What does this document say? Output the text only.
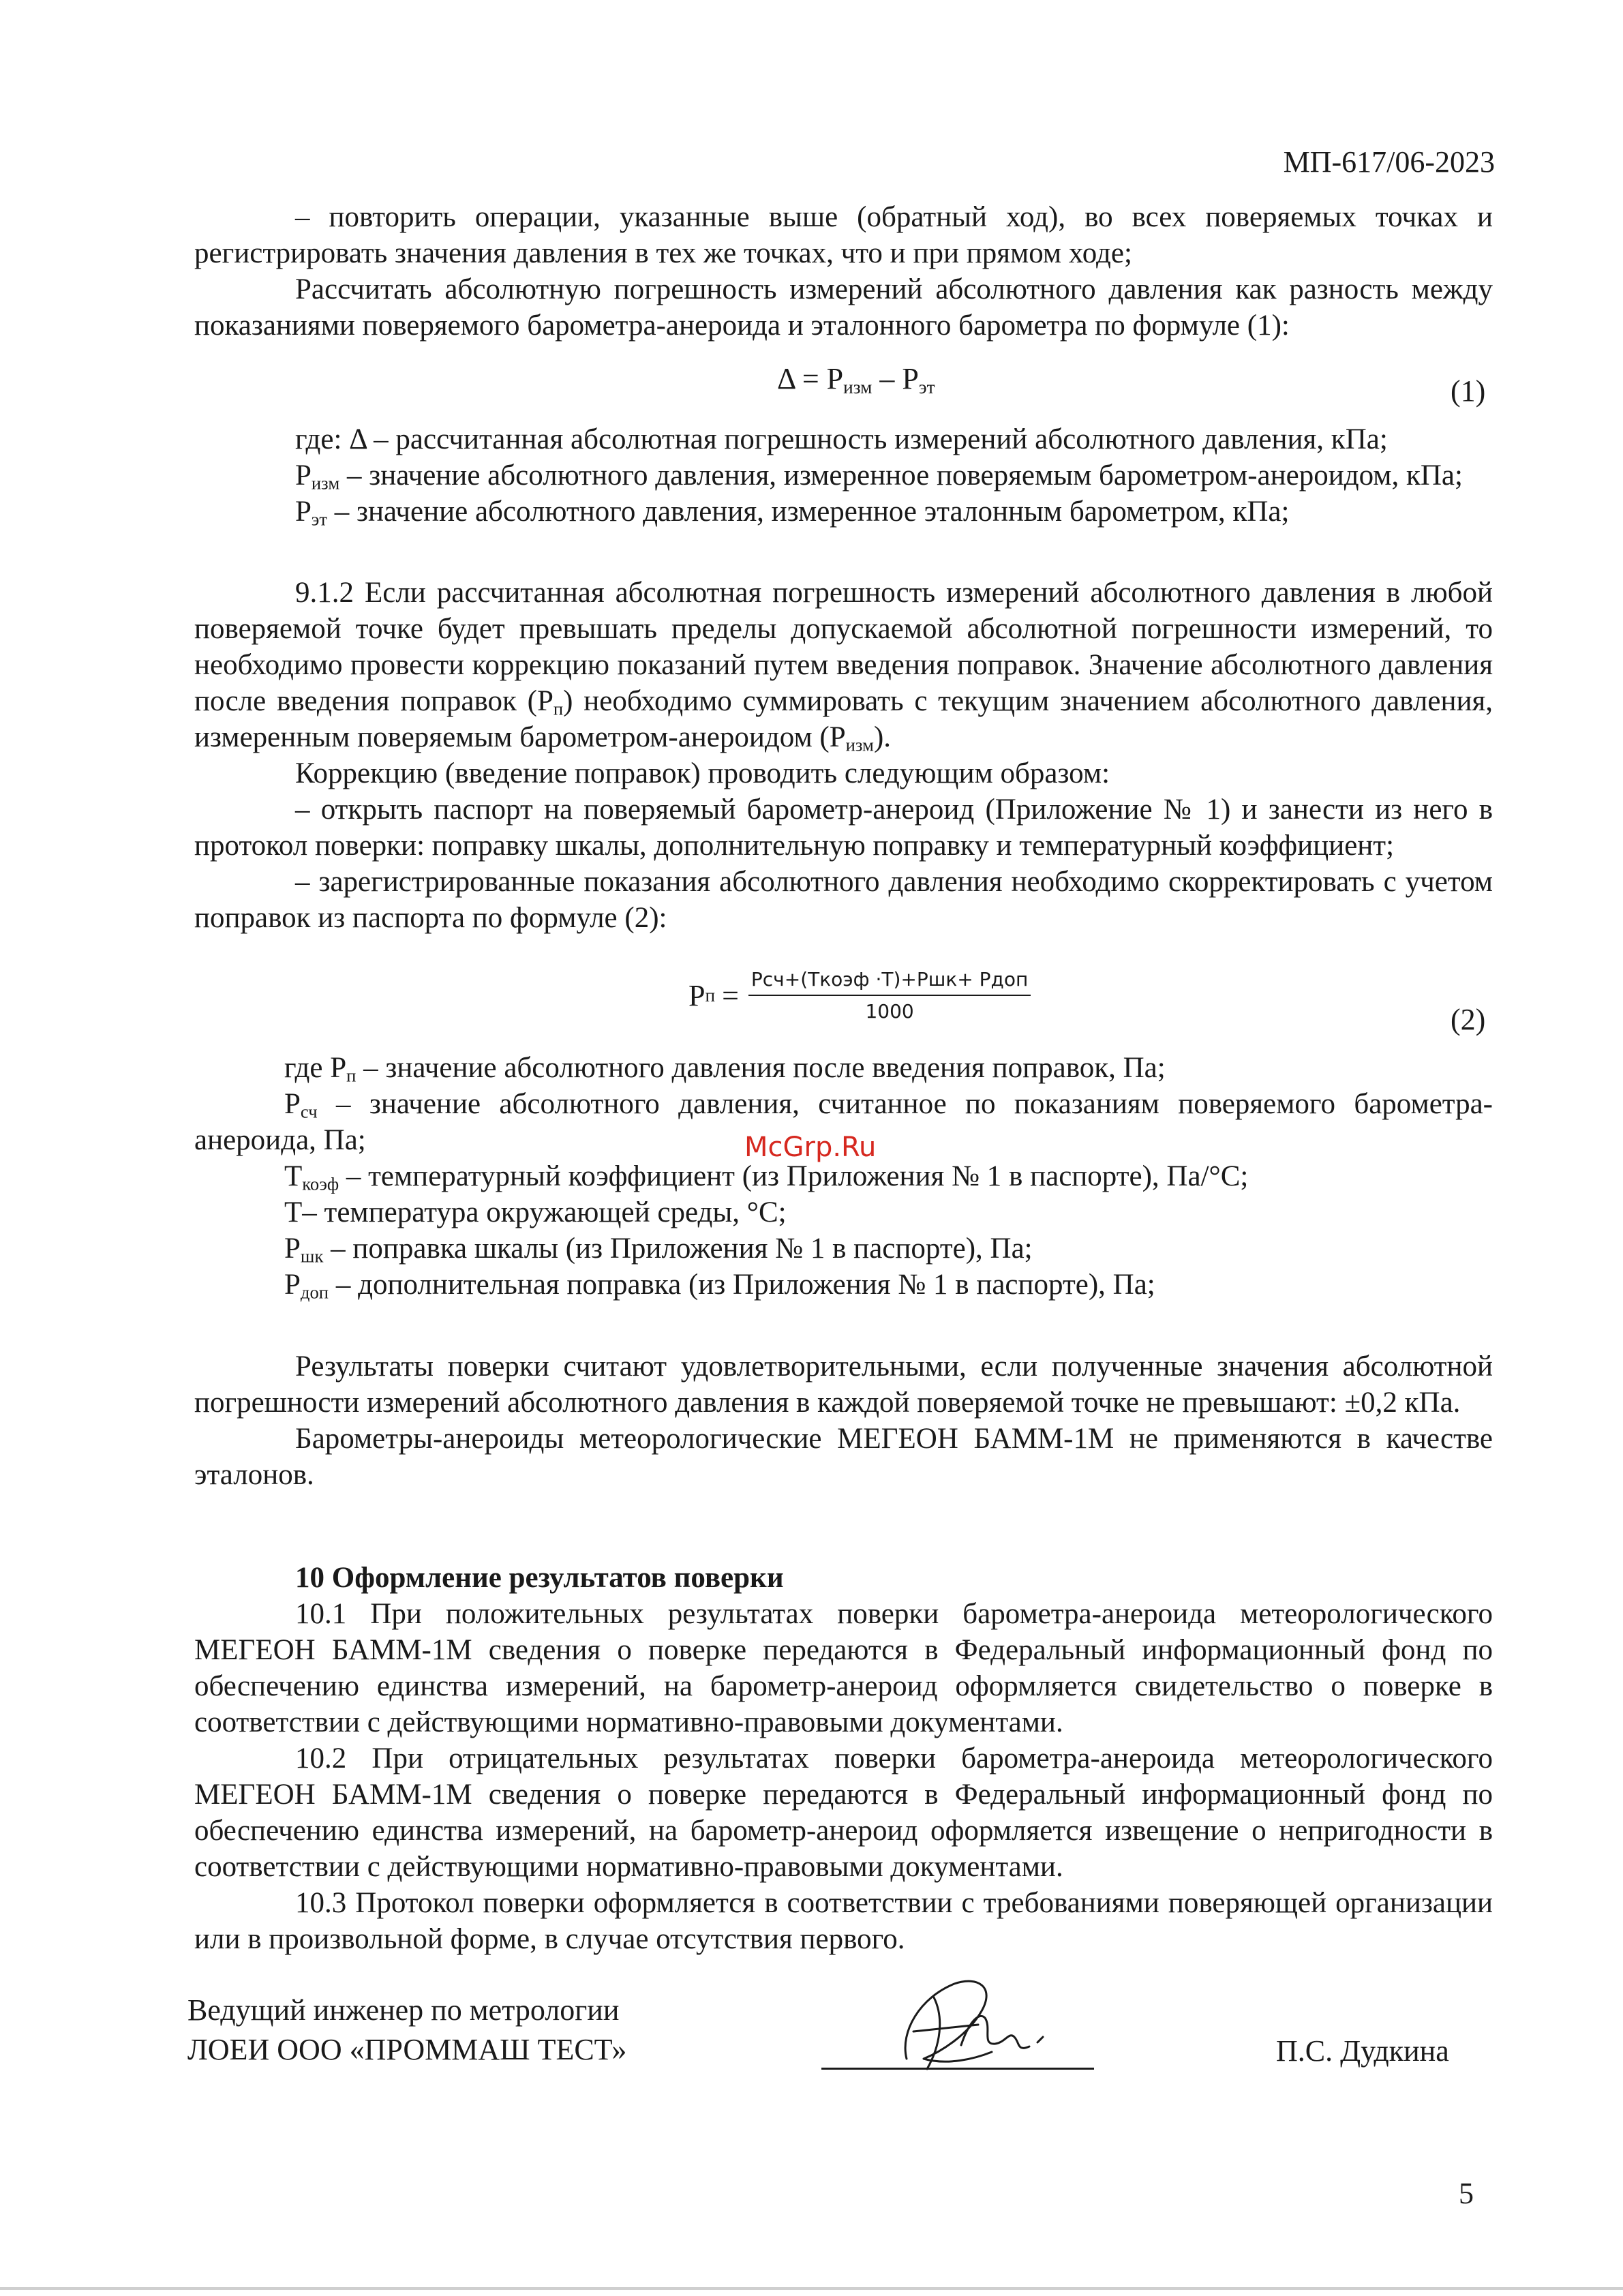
МП-617/06-2023

– повторить операции, указанные выше (обратный ход), во всех поверяемых точках и регистрировать значения давления в тех же точках, что и при прямом ходе;

Рассчитать абсолютную погрешность измерений абсолютного давления как разность между показаниями поверяемого барометра-анероида и эталонного барометра по формуле (1):

$\Delta = P_{изм} - P_{эт}$	(1)

где: Δ – рассчитанная абсолютная погрешность измерений абсолютного давления, кПа;

$P_{изм}$ – значение абсолютного давления, измеренное поверяемым барометром-анероидом, кПа;

$P_{эт}$ – значение абсолютного давления, измеренное эталонным барометром, кПа;

9.1.2 Если рассчитанная абсолютная погрешность измерений абсолютного давления в любой поверяемой точке будет превышать пределы допускаемой абсолютной погрешности измерений, то необходимо провести коррекцию показаний путем введения поправок. Значение абсолютного давления после введения поправок $(P_п)$ необходимо суммировать с текущим значением абсолютного давления, измеренным поверяемым барометром-анероидом $(P_{изм})$.

Коррекцию (введение поправок) проводить следующим образом:

– открыть паспорт на поверяемый барометр-анероид (Приложение № 1) и занести из него в протокол поверки: поправку шкалы, дополнительную поправку и температурный коэффициент;

– зарегистрированные показания абсолютного давления необходимо скорректировать с учетом поправок из паспорта по формуле (2):

P $п = \frac{\text{Pсч+(Tкоэф ·T)+Pшк+ Pдоп}}{1000}$	(2)

где $P_п$ – значение абсолютного давления после введения поправок, Па;

$P_{сч}$ – значение абсолютного давления, считанное по показаниям поверяемого барометра-анероида, Па;

$T_{коэф}$ – температурный коэффициент (из Приложения № 1 в паспорте), Па/°С;

T– температура окружающей среды, °С;

$P_{шк}$ – поправка шкалы (из Приложения № 1 в паспорте), Па;

$P_{доп}$ – дополнительная поправка (из Приложения № 1 в паспорте), Па;

McGrp.Ru

Результаты поверки считают удовлетворительными, если полученные значения абсолютной погрешности измерений абсолютного давления в каждой поверяемой точке не превышают: ±0,2 кПа.

Барометры-анероиды метеорологические МЕГЕОН БАММ-1М не применяются в качестве эталонов.

10 Оформление результатов поверки

10.1 При положительных результатах поверки барометра-анероида метеорологического МЕГЕОН БАММ-1М сведения о поверке передаются в Федеральный информационный фонд по обеспечению единства измерений, на барометр-анероид оформляется свидетельство о поверке в соответствии с действующими нормативно-правовыми документами.

10.2 При отрицательных результатах поверки барометра-анероида метеорологического МЕГЕОН БАММ-1М сведения о поверке передаются в Федеральный информационный фонд по обеспечению единства измерений, на барометр-анероид оформляется извещение о непригодности в соответствии с действующими нормативно-правовыми документами.

10.3 Протокол поверки оформляется в соответствии с требованиями поверяющей организации или в произвольной форме, в случае отсутствия первого.

Ведущий инженер по метрологии
ЛОЕИ ООО «ПРОММАШ ТЕСТ»	П.С. Дудкина
5
